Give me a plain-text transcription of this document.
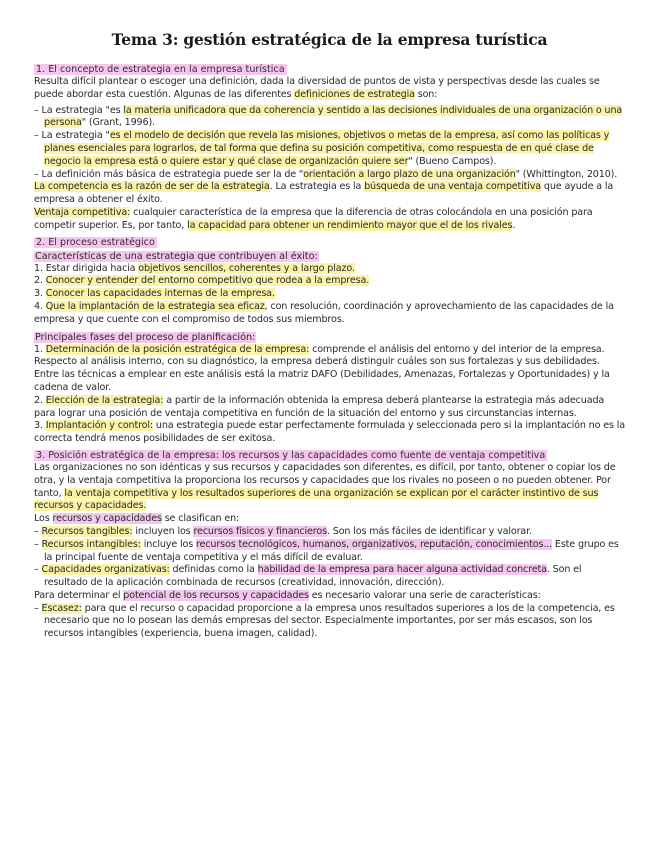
Tema 3: gestión estratégica de la empresa turística
1. El concepto de estrategia en la empresa turística

Resulta difícil plantear o escoger una definición, dada la diversidad de puntos de vista y perspectivas desde las cuales se puede abordar esta cuestión. Algunas de las diferentes definiciones de estrategia son:

– La estrategia "es la materia unificadora que da coherencia y sentido a las decisiones individuales de una organización o una persona" (Grant, 1996).

– La estrategia "es el modelo de decisión que revela las misiones, objetivos o metas de la empresa, así como las políticas y planes esenciales para lograrlos, de tal forma que defina su posición competitiva, como respuesta de en qué clase de negocio la empresa está o quiere estar y qué clase de organización quiere ser" (Bueno Campos).

– La definición más básica de estrategia puede ser la de "orientación a largo plazo de una organización" (Whittington, 2010).

La competencia es la razón de ser de la estrategia. La estrategia es la búsqueda de una ventaja competitiva que ayude a la empresa a obtener el éxito.

Ventaja competitiva: cualquier característica de la empresa que la diferencia de otras colocándola en una posición para competir superior. Es, por tanto, la capacidad para obtener un rendimiento mayor que el de los rivales.

2. El proceso estratégico
Características de una estrategia que contribuyen al éxito:

1. Estar dirigida hacia objetivos sencillos, coherentes y a largo plazo.

2. Conocer y entender del entorno competitivo que rodea a la empresa.

3. Conocer las capacidades internas de la empresa.

4. Que la implantación de la estrategia sea eficaz, con resolución, coordinación y aprovechamiento de las capacidades de la empresa y que cuente con el compromiso de todos sus miembros.

Principales fases del proceso de planificación:

1. Determinación de la posición estratégica de la empresa: comprende el análisis del entorno y del interior de la empresa. Respecto al análisis interno, con su diagnóstico, la empresa deberá distinguir cuáles son sus fortalezas y sus debilidades. Entre las técnicas a emplear en este análisis está la matriz DAFO (Debilidades, Amenazas, Fortalezas y Oportunidades) y la cadena de valor.

2. Elección de la estrategia: a partir de la información obtenida la empresa deberá plantearse la estrategia más adecuada para lograr una posición de ventaja competitiva en función de la situación del entorno y sus circunstancias internas.

3. Implantación y control: una estrategia puede estar perfectamente formulada y seleccionada pero si la implantación no es la correcta tendrá menos posibilidades de ser exitosa.

3. Posición estratégica de la empresa: los recursos y las capacidades como fuente de ventaja competitiva

Las organizaciones no son idénticas y sus recursos y capacidades son diferentes, es difícil, por tanto, obtener o copiar los de otra, y la ventaja competitiva la proporciona los recursos y capacidades que los rivales no poseen o no pueden obtener. Por tanto, la ventaja competitiva y los resultados superiores de una organización se explican por el carácter instintivo de sus recursos y capacidades.

Los recursos y capacidades se clasifican en:

– Recursos tangibles: incluyen los recursos físicos y financieros. Son los más fáciles de identificar y valorar.

– Recursos intangibles: incluye los recursos tecnológicos, humanos, organizativos, reputación, conocimientos... Este grupo es la principal fuente de ventaja competitiva y el más difícil de evaluar.

– Capacidades organizativas: definidas como la habilidad de la empresa para hacer alguna actividad concreta. Son el resultado de la aplicación combinada de recursos (creatividad, innovación, dirección).

Para determinar el potencial de los recursos y capacidades es necesario valorar una serie de características:

– Escasez: para que el recurso o capacidad proporcione a la empresa unos resultados superiores a los de la competencia, es necesario que no lo posean las demás empresas del sector. Especialmente importantes, por ser más escasos, son los recursos intangibles (experiencia, buena imagen, calidad).
